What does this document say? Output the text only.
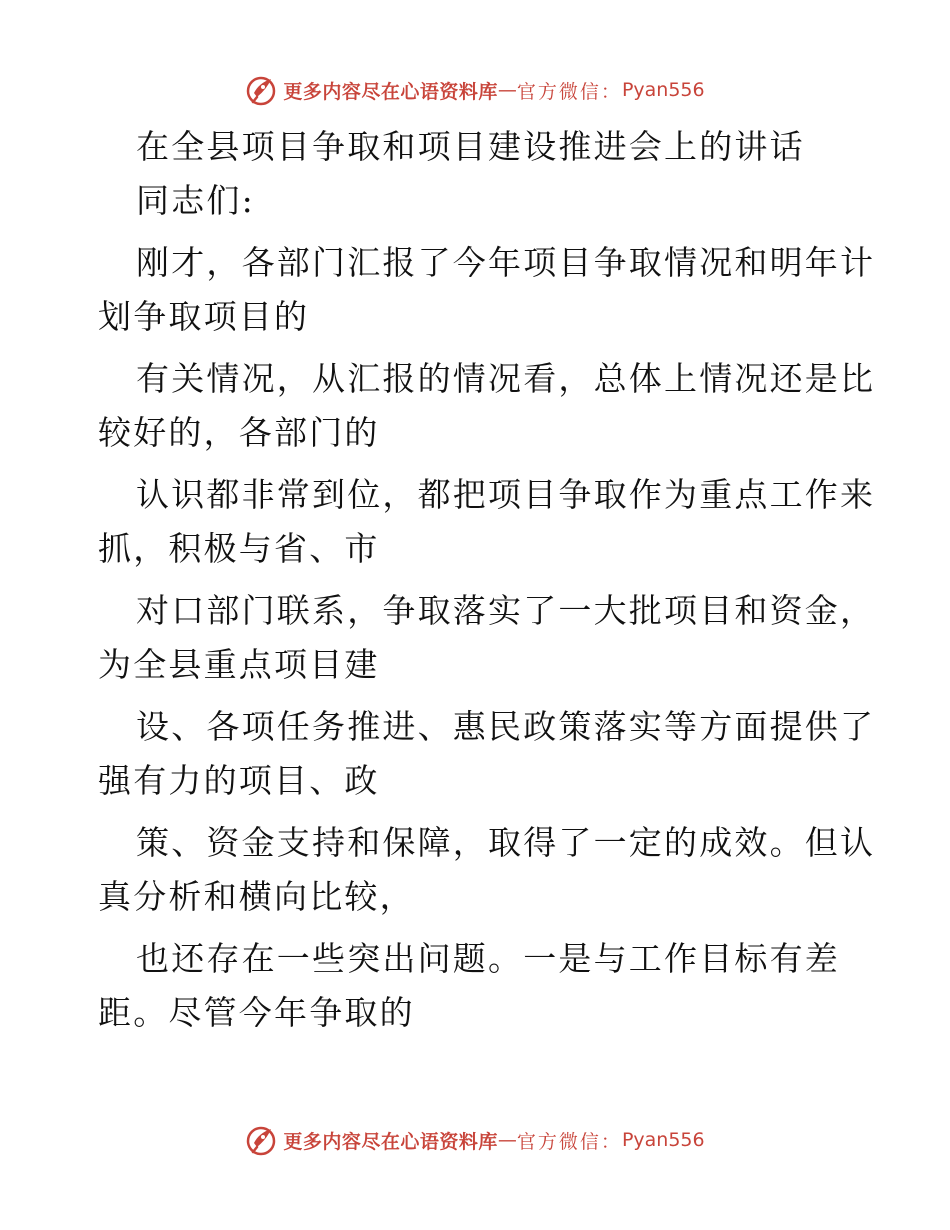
更多内容尽在心语资料库 — 官方微信： Pyan556
在全县项目争取和项目建设推进会上的讲话
同志们:
刚才，各部门汇报了今年项目争取情况和明年计
划争取项目的
有关情况，从汇报的情况看，总体上情况还是比
较好的，各部门的
认识都非常到位，都把项目争取作为重点工作来
抓，积极与省、市
对口部门联系，争取落实了一大批项目和资金，
为全县重点项目建
设、各项任务推进、惠民政策落实等方面提供了
强有力的项目、政
策、资金支持和保障，取得了一定的成效。但认
真分析和横向比较，
也还存在一些突出问题。一是与工作目标有差
距。尽管今年争取的
更多内容尽在心语资料库 — 官方微信： Pyan556
